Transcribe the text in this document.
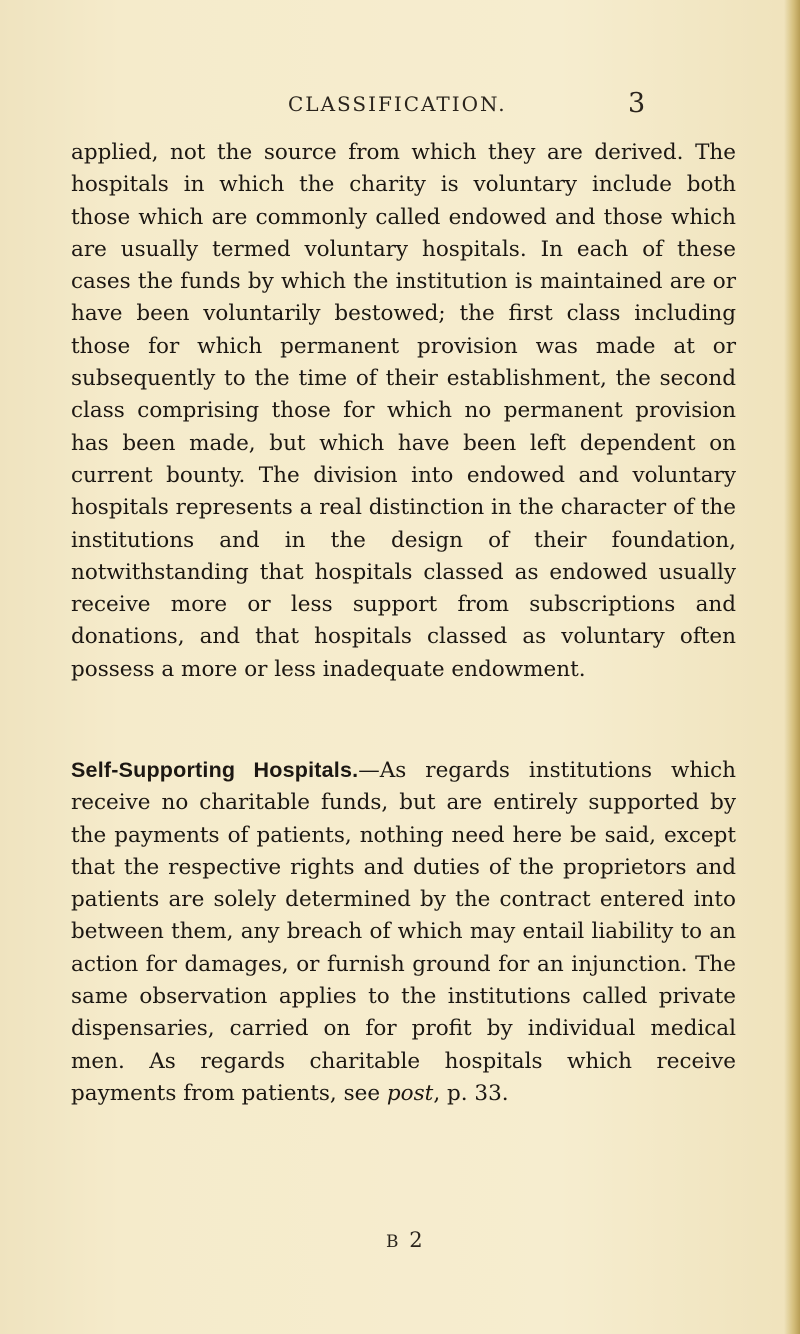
CLASSIFICATION.	3

applied, not the source from which they are derived. The hospitals in which the charity is voluntary include both those which are commonly called endowed and those which are usually termed voluntary hospitals. In each of these cases the funds by which the institution is maintained are or have been voluntarily bestowed; the first class including those for which permanent provision was made at or subsequently to the time of their establishment, the second class comprising those for which no permanent provision has been made, but which have been left dependent on current bounty. The division into endowed and voluntary hospitals represents a real distinction in the character of the institutions and in the design of their foundation, notwithstanding that hospitals classed as endowed usually receive more or less support from subscriptions and donations, and that hospitals classed as voluntary often possess a more or less inadequate endowment.

Self-Supporting Hospitals.—As regards institutions which receive no charitable funds, but are entirely supported by the payments of patients, nothing need here be said, except that the respective rights and duties of the proprietors and patients are solely determined by the contract entered into between them, any breach of which may entail liability to an action for damages, or furnish ground for an injunction. The same observation applies to the institutions called private dispensaries, carried on for profit by individual medical men. As regards charitable hospitals which receive payments from patients, see post, p. 33.

B 2
